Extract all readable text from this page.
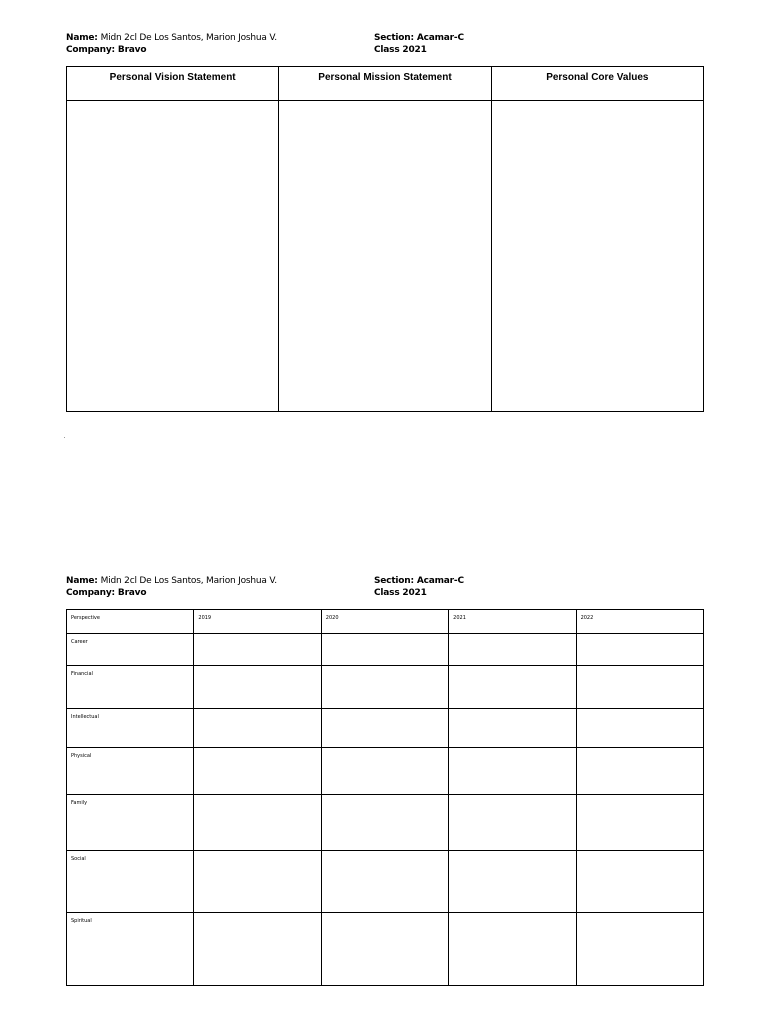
Name: Midn 2cl De Los Santos, Marion Joshua V.	Section: Acamar-C
Company: Bravo	Class 2021
Personal Vision Statement	Personal Mission Statement	Personal Core Values

Name: Midn 2cl De Los Santos, Marion Joshua V.	Section: Acamar-C
Company: Bravo	Class 2021
Perspective	2019	2020	2021	2022
Career				
Financial				
Intellectual				
Physical				
Family				
Social				
Spiritual				
